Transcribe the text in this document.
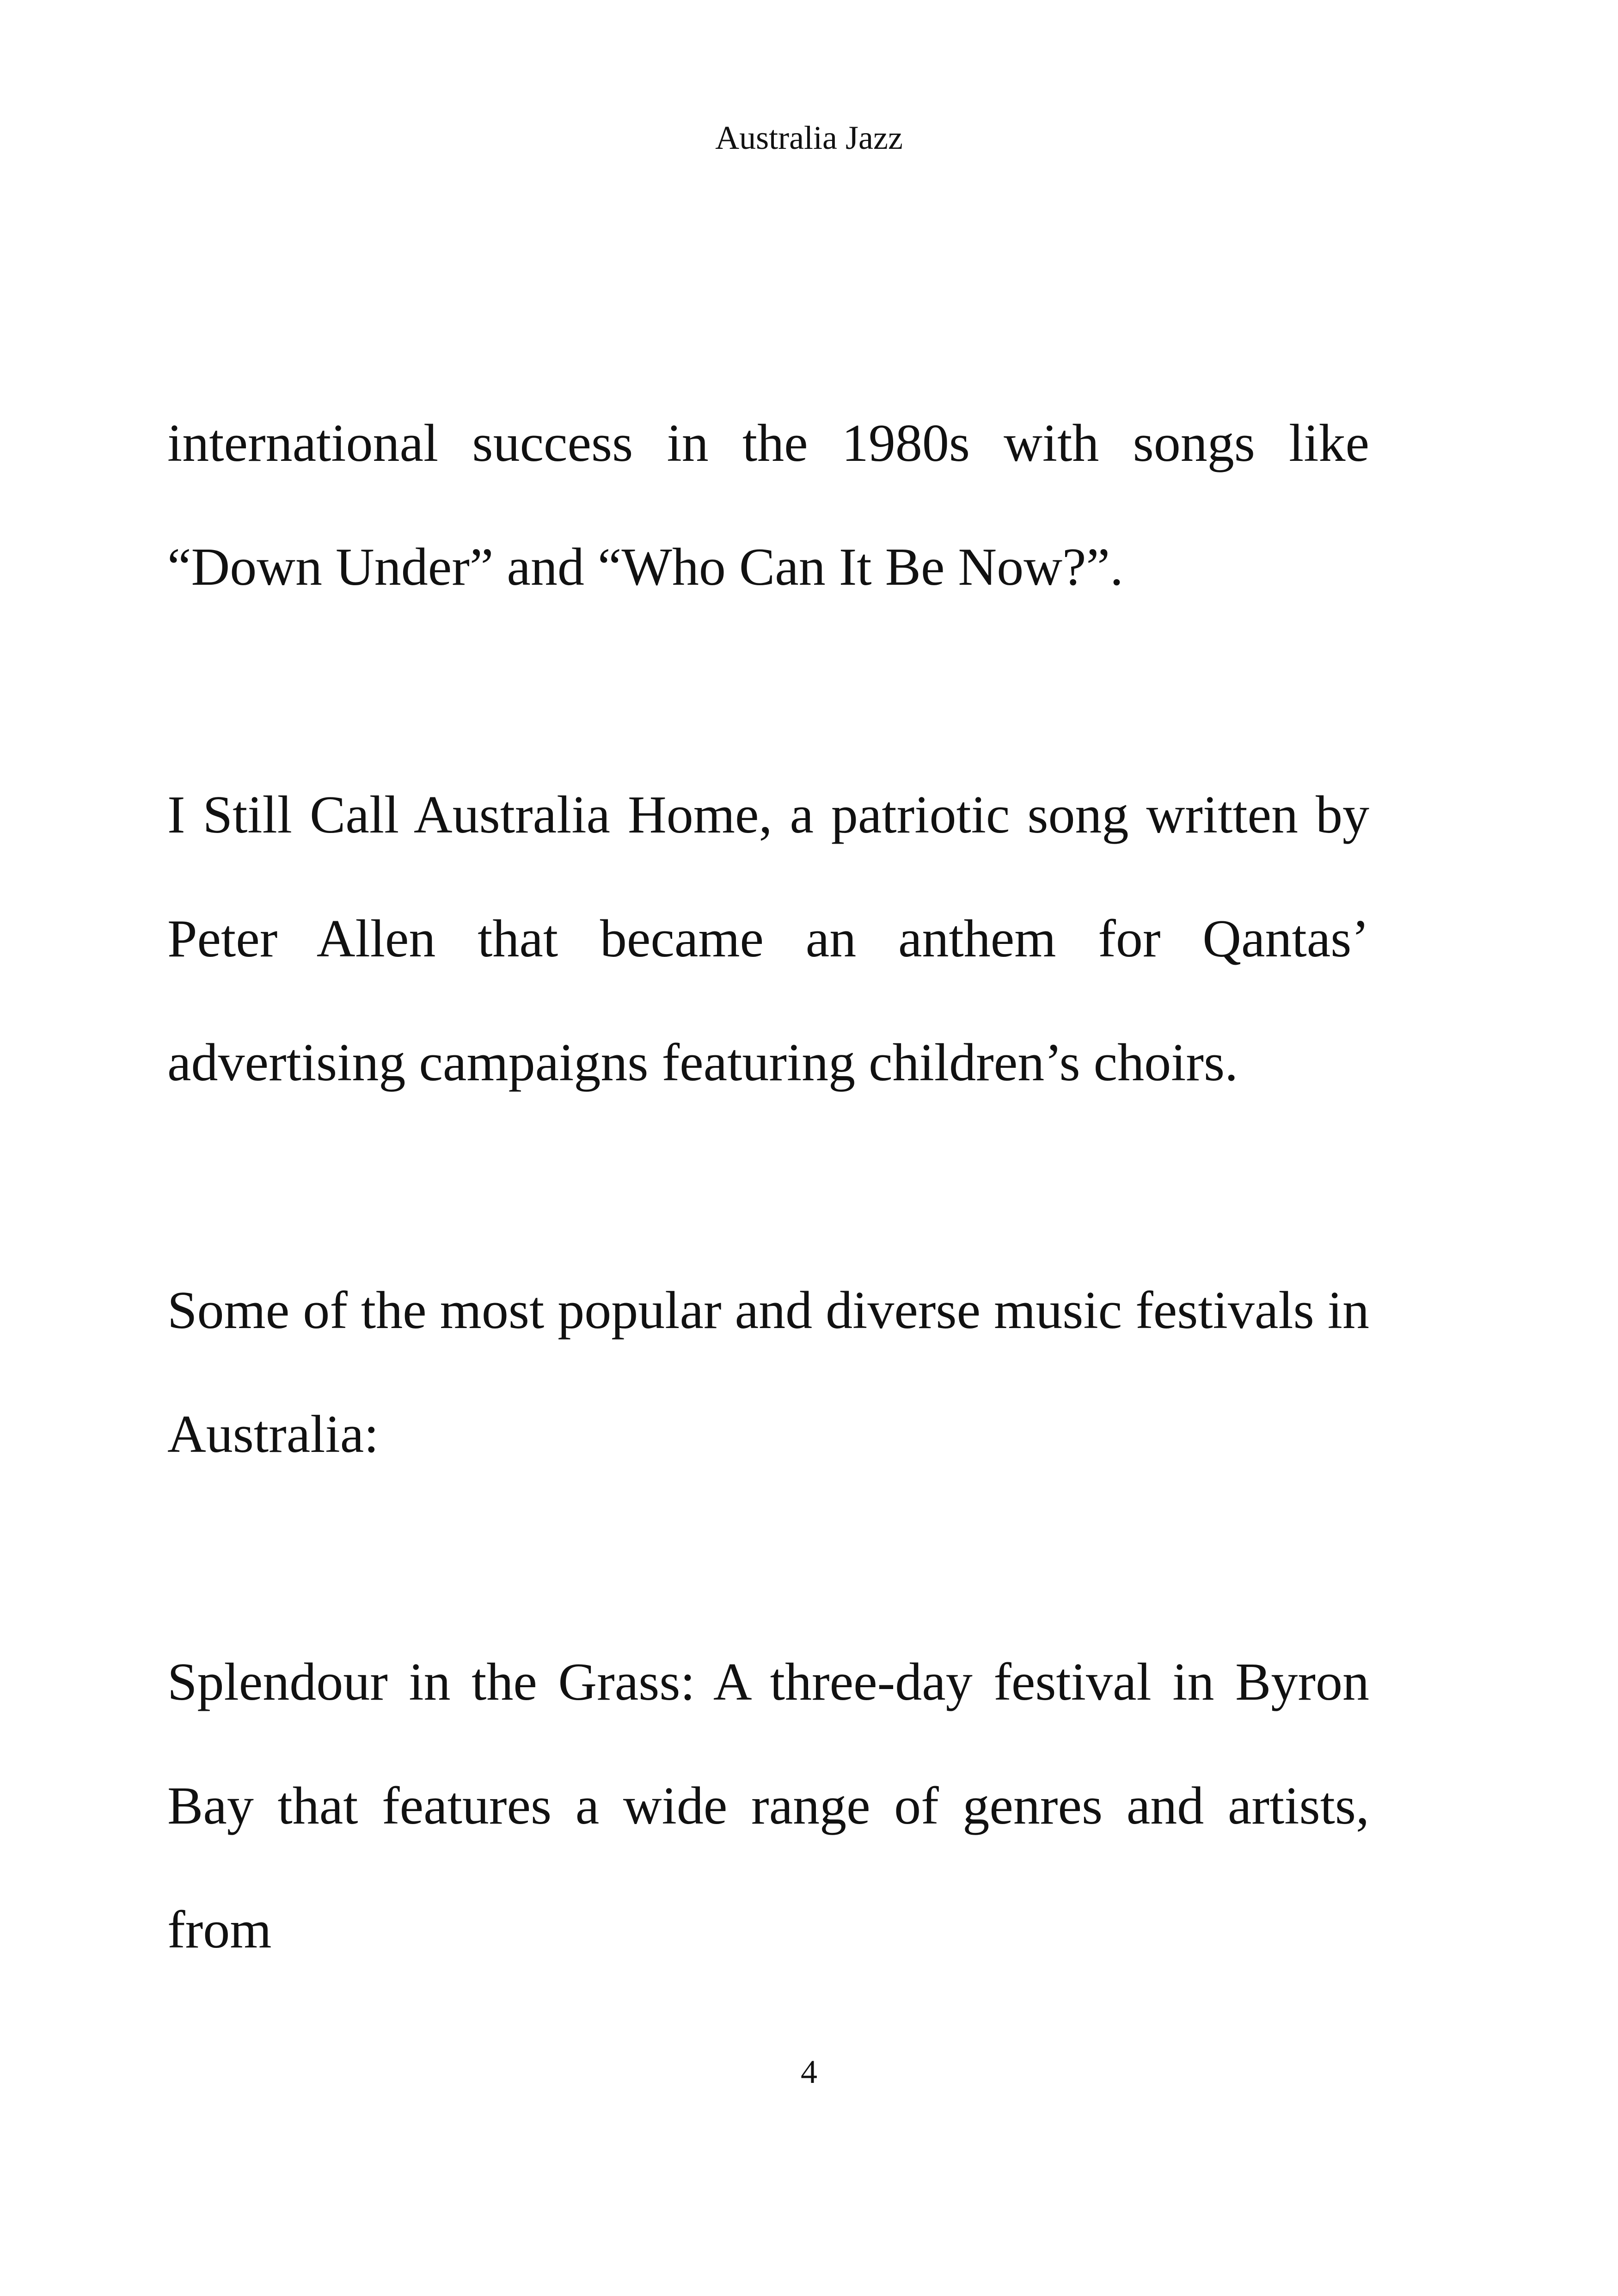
Australia Jazz

international success in the 1980s with songs like “Down Under” and “Who Can It Be Now?”.

I Still Call Australia Home, a patriotic song written by Peter Allen that became an anthem for Qantas’ advertising campaigns featuring children’s choirs.

Some of the most popular and diverse music festivals in Australia:

Splendour in the Grass: A three-day festival in Byron Bay that features a wide range of genres and artists, from

4
